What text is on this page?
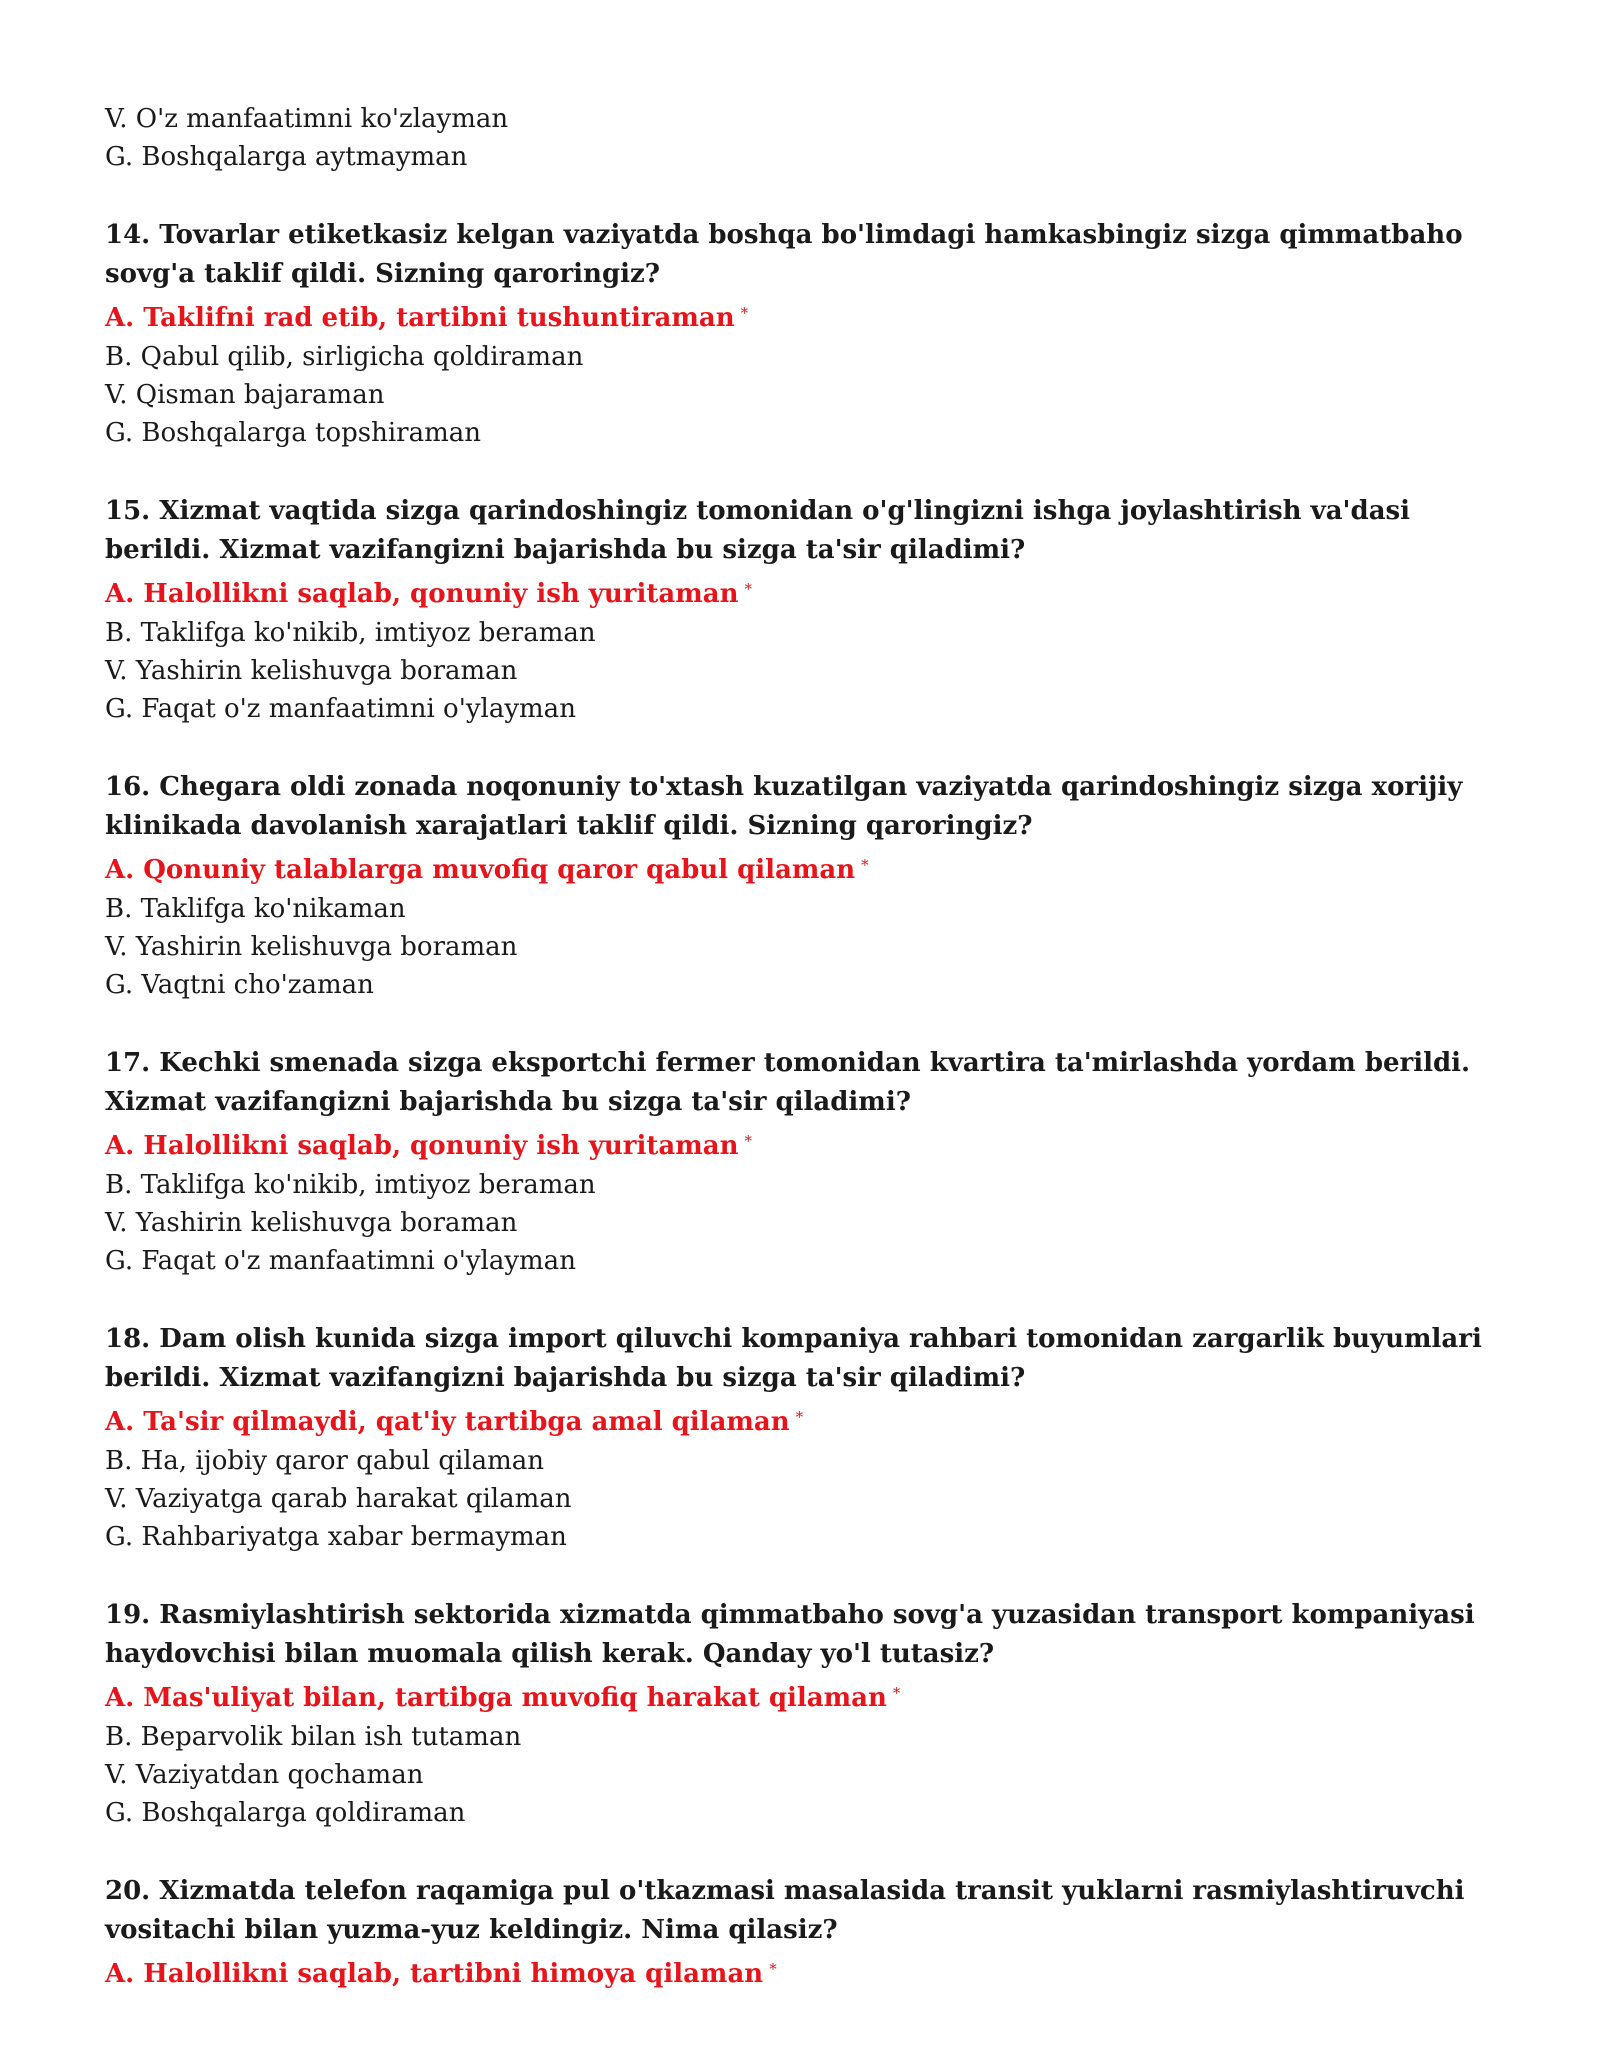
V. O'z manfaatimni ko'zlayman
G. Boshqalarga aytmayman
14. Tovarlar etiketkasiz kelgan vaziyatda boshqa bo'limdagi hamkasbingiz sizga qimmatbaho sovg'a taklif qildi. Sizning qaroringiz?
A. Taklifni rad etib, tartibni tushuntiraman *
B. Qabul qilib, sirligicha qoldiraman
V. Qisman bajaraman
G. Boshqalarga topshiraman
15. Xizmat vaqtida sizga qarindoshingiz tomonidan o'g'lingizni ishga joylashtirish va'dasi berildi. Xizmat vazifangizni bajarishda bu sizga ta'sir qiladimi?
A. Halollikni saqlab, qonuniy ish yuritaman *
B. Taklifga ko'nikib, imtiyoz beraman
V. Yashirin kelishuvga boraman
G. Faqat o'z manfaatimni o'ylayman
16. Chegara oldi zonada noqonuniy to'xtash kuzatilgan vaziyatda qarindoshingiz sizga xorijiy klinikada davolanish xarajatlari taklif qildi. Sizning qaroringiz?
A. Qonuniy talablarga muvofiq qaror qabul qilaman *
B. Taklifga ko'nikaman
V. Yashirin kelishuvga boraman
G. Vaqtni cho'zaman
17. Kechki smenada sizga eksportchi fermer tomonidan kvartira ta'mirlashda yordam berildi. Xizmat vazifangizni bajarishda bu sizga ta'sir qiladimi?
A. Halollikni saqlab, qonuniy ish yuritaman *
B. Taklifga ko'nikib, imtiyoz beraman
V. Yashirin kelishuvga boraman
G. Faqat o'z manfaatimni o'ylayman
18. Dam olish kunida sizga import qiluvchi kompaniya rahbari tomonidan zargarlik buyumlari berildi. Xizmat vazifangizni bajarishda bu sizga ta'sir qiladimi?
A. Ta'sir qilmaydi, qat'iy tartibga amal qilaman *
B. Ha, ijobiy qaror qabul qilaman
V. Vaziyatga qarab harakat qilaman
G. Rahbariyatga xabar bermayman
19. Rasmiylashtirish sektorida xizmatda qimmatbaho sovg'a yuzasidan transport kompaniyasi haydovchisi bilan muomala qilish kerak. Qanday yo'l tutasiz?
A. Mas'uliyat bilan, tartibga muvofiq harakat qilaman *
B. Beparvolik bilan ish tutaman
V. Vaziyatdan qochaman
G. Boshqalarga qoldiraman
20. Xizmatda telefon raqamiga pul o'tkazmasi masalasida transit yuklarni rasmiylashtiruvchi vositachi bilan yuzma-yuz keldingiz. Nima qilasiz?
A. Halollikni saqlab, tartibni himoya qilaman *
